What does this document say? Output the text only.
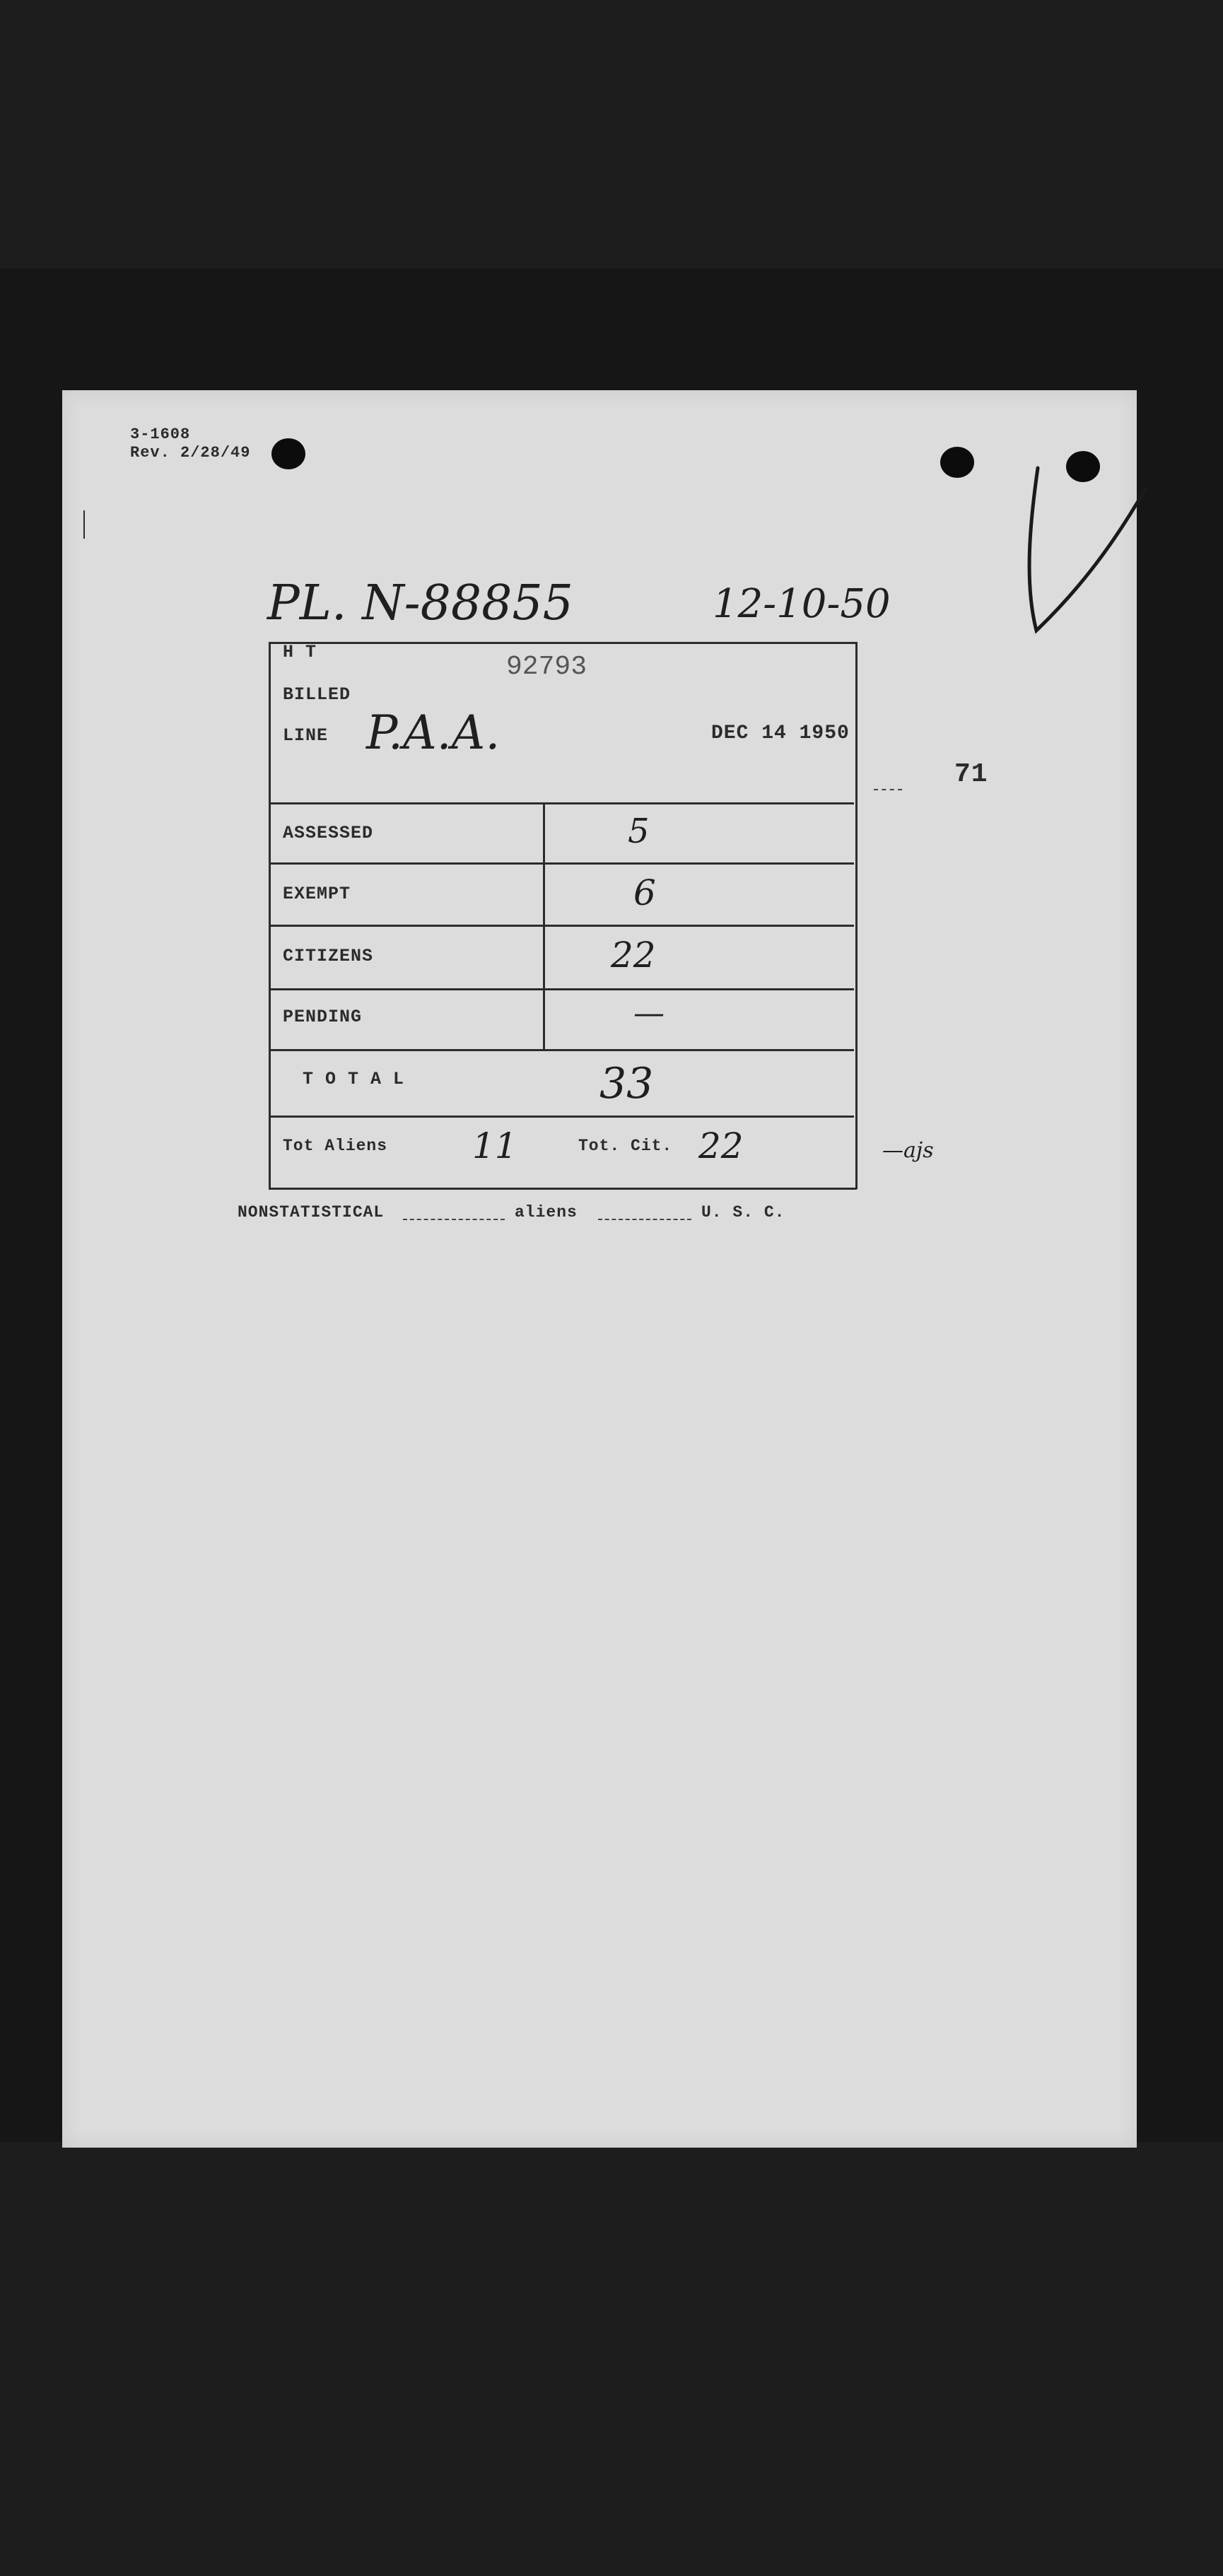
3-1608
Rev. 2/28/49
PL. N-88855	12-10-50
71
H T	92793
BILLED
LINE P.A.A.	DEC 14 1950
ASSESSED	5
EXEMPT	6
CITIZENS	22
PENDING	—
T O T A L	33
Tot Aliens 11	Tot. Cit. 22	—ajs
NONSTATISTICAL	aliens	U. S. C.
